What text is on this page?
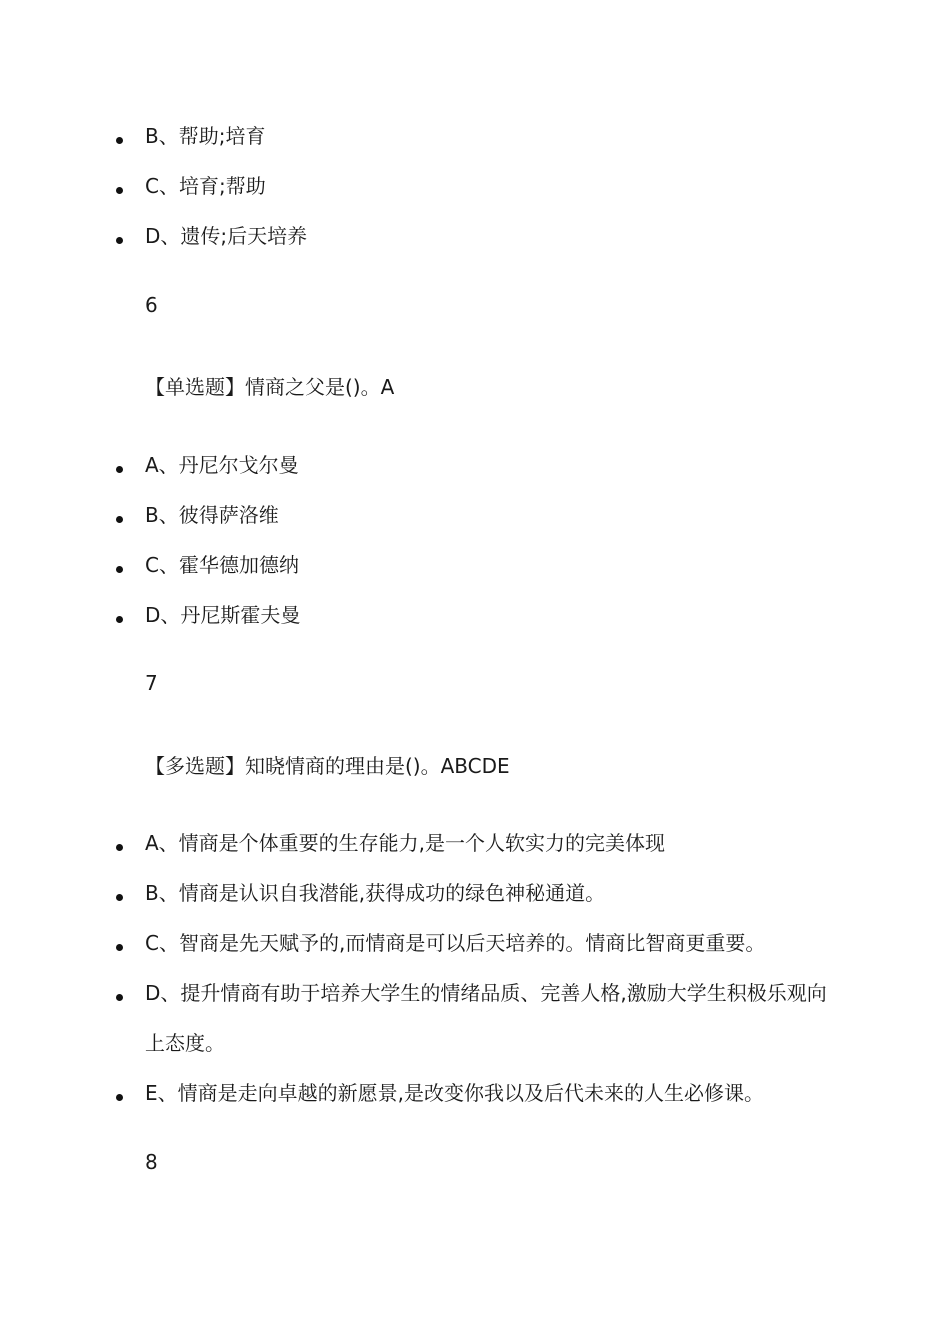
B、帮助;培育
C、培育;帮助
D、遗传;后天培养
6
【单选题】情商之父是()。A
A、丹尼尔戈尔曼
B、彼得萨洛维
C、霍华德加德纳
D、丹尼斯霍夫曼
7
【多选题】知晓情商的理由是()。ABCDE
A、情商是个体重要的生存能力,是一个人软实力的完美体现
B、情商是认识自我潜能,获得成功的绿色神秘通道。
C、智商是先天赋予的,而情商是可以后天培养的。情商比智商更重要。
D、提升情商有助于培养大学生的情绪品质、完善人格,激励大学生积极乐观向上态度。
E、情商是走向卓越的新愿景,是改变你我以及后代未来的人生必修课。
8
